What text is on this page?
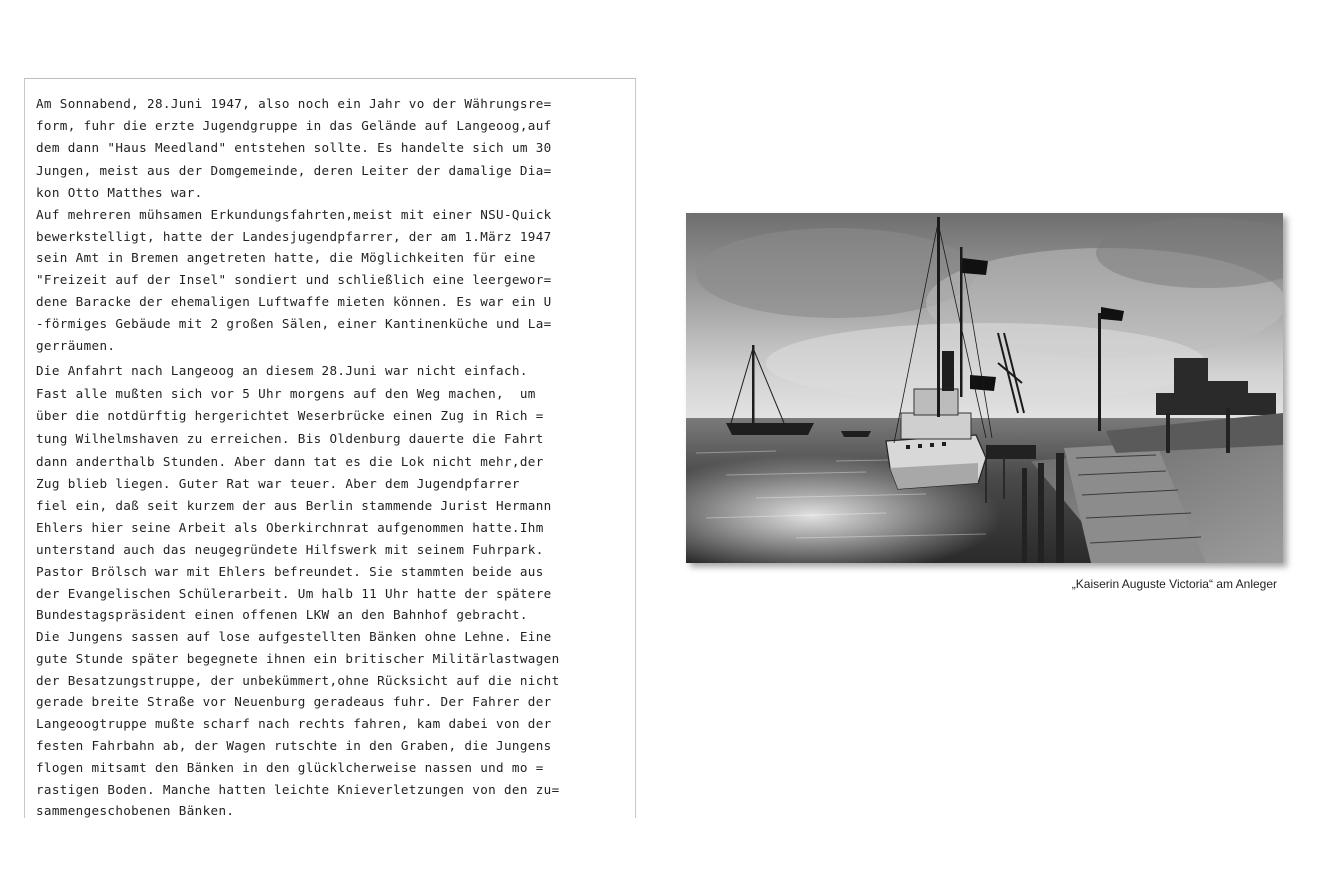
Am Sonnabend, 28.Juni 1947, also noch ein Jahr vo der Währungsre=
form, fuhr die erzte Jugendgruppe in das Gelände auf Langeoog,auf
dem dann "Haus Meedland" entstehen sollte. Es handelte sich um 30
Jungen, meist aus der Domgemeinde, deren Leiter der damalige Dia=
kon Otto Matthes war.
Auf mehreren mühsamen Erkundungsfahrten,meist mit einer NSU-Quick
bewerkstelligt, hatte der Landesjugendpfarrer, der am 1.März 1947
sein Amt in Bremen angetreten hatte, die Möglichkeiten für eine
"Freizeit auf der Insel" sondiert und schließlich eine leergewor=
dene Baracke der ehemaligen Luftwaffe mieten können. Es war ein U
-förmiges Gebäude mit 2 großen Sälen, einer Kantinenküche und La=
gerräumen.
Die Anfahrt nach Langeoog an diesem 28.Juni war nicht einfach.
Fast alle mußten sich vor 5 Uhr morgens auf den Weg machen,  um
über die notdürftig hergerichtet Weserbrücke einen Zug in Rich =
tung Wilhelmshaven zu erreichen. Bis Oldenburg dauerte die Fahrt
dann anderthalb Stunden. Aber dann tat es die Lok nicht mehr,der
Zug blieb liegen. Guter Rat war teuer. Aber dem Jugendpfarrer
fiel ein, daß seit kurzem der aus Berlin stammende Jurist Hermann
Ehlers hier seine Arbeit als Oberkirchnrat aufgenommen hatte.Ihm
unterstand auch das neugegründete Hilfswerk mit seinem Fuhrpark.
Pastor Brölsch war mit Ehlers befreundet. Sie stammten beide aus
der Evangelischen Schülerarbeit. Um halb 11 Uhr hatte der spätere
Bundestagspräsident einen offenen LKW an den Bahnhof gebracht.
Die Jungens sassen auf lose aufgestellten Bänken ohne Lehne. Eine
gute Stunde später begegnete ihnen ein britischer Militärlastwagen
der Besatzungstruppe, der unbekümmert,ohne Rücksicht auf die nicht
gerade breite Straße vor Neuenburg geradeaus fuhr. Der Fahrer der
Langeoogtruppe mußte scharf nach rechts fahren, kam dabei von der
festen Fahrbahn ab, der Wagen rutschte in den Graben, die Jungens
flogen mitsamt den Bänken in den glücklcherweise nassen und mo =
rastigen Boden. Manche hatten leichte Knieverletzungen von den zu=
sammengeschobenen Bänken.
„Kaiserin Auguste Victoria“ am Anleger
